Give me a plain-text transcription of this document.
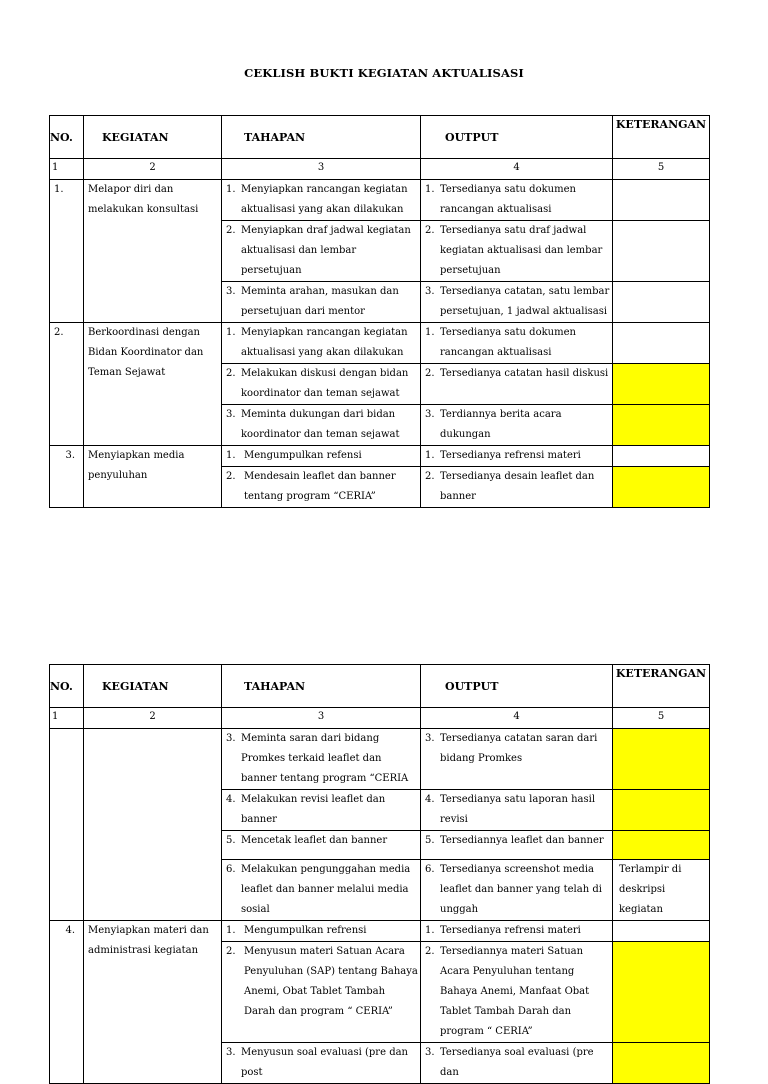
CEKLISH BUKTI KEGIATAN AKTUALISASI
NO.	KEGIATAN	TAHAPAN	OUTPUT	KETERANGAN
1	2	3	4	5
1.	Melapor diri dan melakukan konsultasi	1. Menyiapkan rancangan kegiatan aktualisasi yang akan dilakukan	1. Tersedianya satu dokumen rancangan aktualisasi	

		2. Menyiapkan draf jadwal kegiatan aktualisasi dan lembar persetujuan	2. Tersedianya satu draf jadwal kegiatan aktualisasi dan lembar persetujuan	

		3. Meminta arahan, masukan dan persetujuan dari mentor	3. Tersedianya catatan, satu lembar persetujuan, 1 jadwal aktualisasi	

2.	Berkoordinasi dengan Bidan Koordinator dan Teman Sejawat	1. Menyiapkan rancangan kegiatan aktualisasi yang akan dilakukan	1. Tersedianya satu dokumen rancangan aktualisasi	

		2. Melakukan diskusi dengan bidan koordinator dan teman sejawat	2. Tersedianya catatan hasil diskusi	

		3. Meminta dukungan dari bidan koordinator dan teman sejawat	3. Terdiannya berita acara dukungan	

3.	Menyiapkan media penyuluhan	1. Mengumpulkan refensi	1. Tersedianya refrensi materi	

		2. Mendesain leaflet dan banner tentang program “CERIA”	2. Tersedianya desain leaflet dan banner	

NO.	KEGIATAN	TAHAPAN	OUTPUT	KETERANGAN
1	2	3	4	5

		3. Meminta saran dari bidang Promkes terkaid leaflet dan banner tentang program “CERIA	3. Tersedianya catatan saran dari bidang Promkes	

		4. Melakukan revisi leaflet dan banner	4. Tersedianya satu laporan hasil revisi	

		5. Mencetak leaflet dan banner	5. Tersediannya leaflet dan banner	

		6. Melakukan pengunggahan media leaflet dan banner melalui media sosial	6. Tersedianya screenshot media leaflet dan banner yang telah di unggah	Terlampir di deskripsi kegiatan
4.	Menyiapkan materi dan administrasi kegiatan	1. Mengumpulkan refrensi	1. Tersedianya refrensi materi	

		2. Menyusun materi Satuan Acara Penyuluhan (SAP) tentang Bahaya Anemi, Obat Tablet Tambah Darah dan program “ CERIA”	2. Tersediannya materi Satuan Acara Penyuluhan tentang Bahaya Anemi, Manfaat Obat Tablet Tambah Darah dan program “ CERIA”	

		3. Menyusun soal evaluasi (pre dan post	3. Tersedianya soal evaluasi (pre dan	
